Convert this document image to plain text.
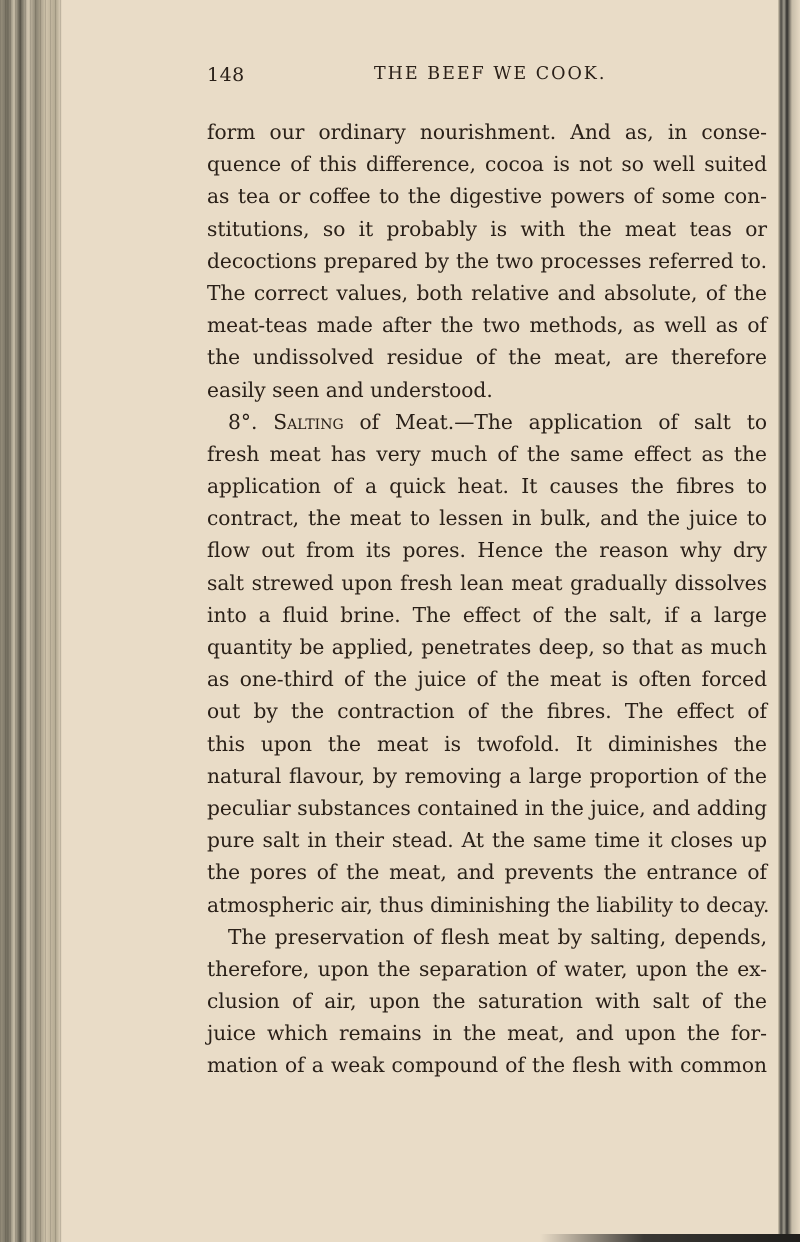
148	THE BEEF WE COOK.
form our ordinary nourishment. And as, in conse-
quence of this difference, cocoa is not so well suited
as tea or coffee to the digestive powers of some con-
stitutions, so it probably is with the meat teas or
decoctions prepared by the two processes referred to.
The correct values, both relative and absolute, of the
meat-teas made after the two methods, as well as of
the undissolved residue of the meat, are therefore
easily seen and understood.
8°. Salting of Meat.—The application of salt to
fresh meat has very much of the same effect as the
application of a quick heat. It causes the fibres to
contract, the meat to lessen in bulk, and the juice to
flow out from its pores. Hence the reason why dry
salt strewed upon fresh lean meat gradually dissolves
into a fluid brine. The effect of the salt, if a large
quantity be applied, penetrates deep, so that as much
as one-third of the juice of the meat is often forced
out by the contraction of the fibres. The effect of
this upon the meat is twofold. It diminishes the
natural flavour, by removing a large proportion of the
peculiar substances contained in the juice, and adding
pure salt in their stead. At the same time it closes up
the pores of the meat, and prevents the entrance of
atmospheric air, thus diminishing the liability to decay.
The preservation of flesh meat by salting, depends,
therefore, upon the separation of water, upon the ex-
clusion of air, upon the saturation with salt of the
juice which remains in the meat, and upon the for-
mation of a weak compound of the flesh with common
